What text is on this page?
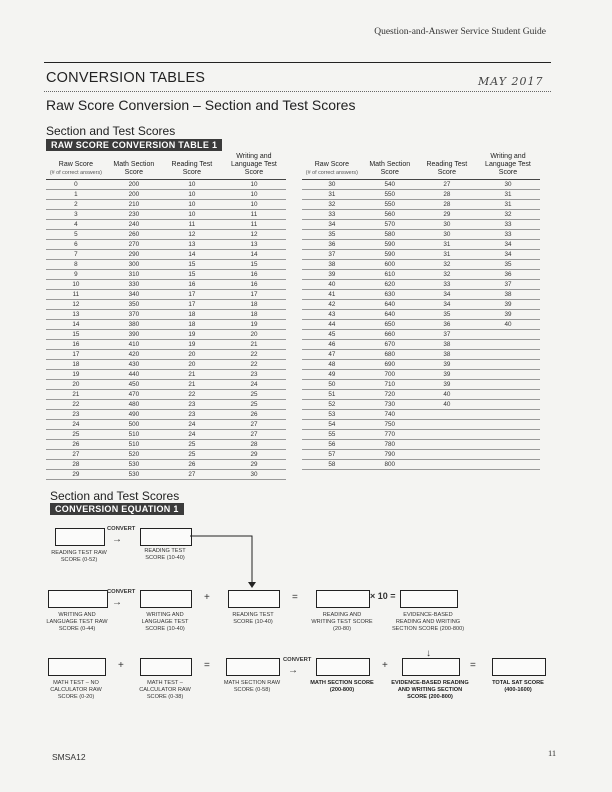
Question-and-Answer Service Student Guide
CONVERSION TABLES	MAY 2017
Raw Score Conversion – Section and Test Scores
Section and Test Scores
RAW SCORE CONVERSION TABLE 1
Raw Score
(# of correct answers)	Math Section Score	Reading Test Score	Writing and Language Test Score
0	200	10	10
1	200	10	10
2	210	10	10
3	230	10	11
4	240	11	11
5	260	12	12
6	270	13	13
7	290	14	14
8	300	15	15
9	310	15	16
10	330	16	16
11	340	17	17
12	350	17	18
13	370	18	18
14	380	18	19
15	390	19	20
16	410	19	21
17	420	20	22
18	430	20	22
19	440	21	23
20	450	21	24
21	470	22	25
22	480	23	25
23	490	23	26
24	500	24	27
25	510	24	27
26	510	25	28
27	520	25	29
28	530	26	29
29	530	27	30
Raw Score
(# of correct answers)	Math Section Score	Reading Test Score	Writing and Language Test Score
30	540	27	30
31	550	28	31
32	550	28	31
33	560	29	32
34	570	30	33
35	580	30	33
36	590	31	34
37	590	31	34
38	600	32	35
39	610	32	36
40	620	33	37
41	630	34	38
42	640	34	39
43	640	35	39
44	650	36	40
45	660	37	
46	670	38	
47	680	38	
48	690	39	
49	700	39	
50	710	39	
51	720	40	
52	730	40	
53	740		
54	750		
55	770		
56	780		
57	790		
58	800		
Section and Test Scores
CONVERSION EQUATION 1
CONVERT
→
READING TEST RAW SCORE (0-52)
READING TEST SCORE (10-40)
CONVERT
→	+	=	× 10 =
WRITING AND LANGUAGE TEST RAW SCORE (0-44)
WRITING AND LANGUAGE TEST SCORE (10-40)
READING TEST SCORE (10-40)
READING AND WRITING TEST SCORE (20-80)
EVIDENCE-BASED READING AND WRITING SECTION SCORE (200-800)
+	=	CONVERT
→	+
↓
=
MATH TEST – NO CALCULATOR RAW SCORE (0-20)
MATH TEST – CALCULATOR RAW SCORE (0-38)
MATH SECTION RAW SCORE (0-58)
MATH SECTION SCORE (200-800)
EVIDENCE-BASED READING AND WRITING SECTION SCORE (200-800)
TOTAL SAT SCORE (400-1600)
SMSA12	11
